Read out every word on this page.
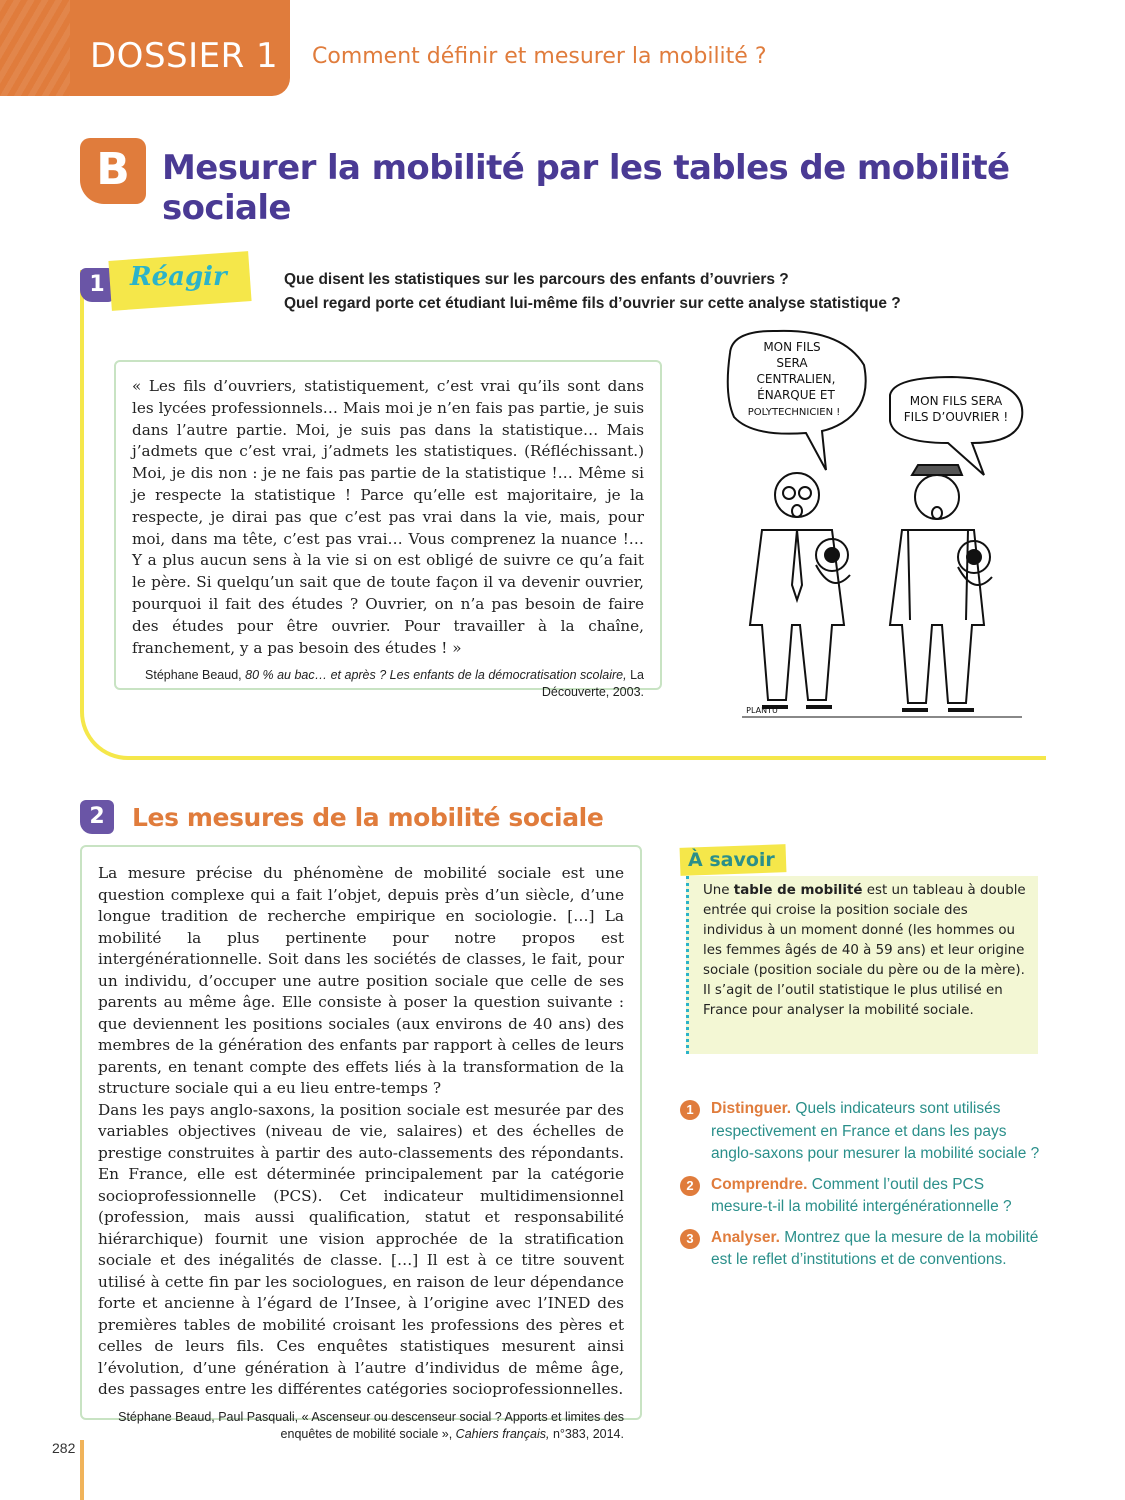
DOSSIER 1 Comment définir et mesurer la mobilité ?
B Mesurer la mobilité par les tables de mobilité sociale
1 Réagir	Que disent les statistiques sur les parcours des enfants d’ouvriers ?
Quel regard porte cet étudiant lui-même fils d’ouvrier sur cette analyse statistique ?
« Les fils d’ouvriers, statistiquement, c’est vrai qu’ils sont dans les lycées professionnels… Mais moi je n’en fais pas partie, je suis dans l’autre partie. Moi, je suis pas dans la statistique… Mais j’admets que c’est vrai, j’admets les statistiques. (Réfléchissant.) Moi, je dis non : je ne fais pas partie de la statistique !… Même si je respecte la statistique ! Parce qu’elle est majoritaire, je la respecte, je dirai pas que c’est pas vrai dans la vie, mais, pour moi, dans ma tête, c’est pas vrai… Vous comprenez la nuance !… Y a plus aucun sens à la vie si on est obligé de suivre ce qu’a fait le père. Si quelqu’un sait que de toute façon il va devenir ouvrier, pourquoi il fait des études ? Ouvrier, on n’a pas besoin de faire des études pour être ouvrier. Pour travailler à la chaîne, franchement, y a pas besoin des études ! »
Stéphane Beaud, 80 % au bac… et après ? Les enfants de la démocratisation scolaire, La Découverte, 2003.
MON FILS
SERA
CENTRALIEN,
ÉNARQUE ET
POLYTECHNICIEN !
MON FILS SERA
FILS D’OUVRIER !
PLANTU
2	Les mesures de la mobilité sociale

La mesure précise du phénomène de mobilité sociale est une question complexe qui a fait l’objet, depuis près d’un siècle, d’une longue tradition de recherche empirique en sociologie. […] La mobilité la plus pertinente pour notre propos est intergénérationnelle. Soit dans les sociétés de classes, le fait, pour un individu, d’occuper une autre position sociale que celle de ses parents au même âge. Elle consiste à poser la question suivante : que deviennent les positions sociales (aux environs de 40 ans) des membres de la génération des enfants par rapport à celles de leurs parents, en tenant compte des effets liés à la transformation de la structure sociale qui a eu lieu entre-temps ?

Dans les pays anglo-saxons, la position sociale est mesurée par des variables objectives (niveau de vie, salaires) et des échelles de prestige construites à partir des auto-classements des répondants. En France, elle est déterminée principalement par la catégorie socioprofessionnelle (PCS). Cet indicateur multidimensionnel (profession, mais aussi qualification, statut et responsabilité hiérarchique) fournit une vision approchée de la stratification sociale et des inégalités de classe. […] Il est à ce titre souvent utilisé à cette fin par les sociologues, en raison de leur dépendance forte et ancienne à l’égard de l’Insee, à l’origine avec l’INED des premières tables de mobilité croisant les professions des pères et celles de leurs fils. Ces enquêtes statistiques mesurent ainsi l’évolution, d’une génération à l’autre d’individus de même âge, des passages entre les différentes catégories socioprofessionnelles.

Stéphane Beaud, Paul Pasquali, « Ascenseur ou descenseur social ? Apports et limites des enquêtes de mobilité sociale », Cahiers français, n°383, 2014.
À savoir
Une table de mobilité est un tableau à double entrée qui croise la position sociale des individus à un moment donné (les hommes ou les femmes âgés de 40 à 59 ans) et leur origine sociale (position sociale du père ou de la mère). Il s’agit de l’outil statistique le plus utilisé en France pour analyser la mobilité sociale.
1	Distinguer. Quels indicateurs sont utilisés respectivement en France et dans les pays anglo-saxons pour mesurer la mobilité sociale ?
2	Comprendre. Comment l’outil des PCS mesure-t-il la mobilité intergénérationnelle ?
3	Analyser. Montrez que la mesure de la mobilité est le reflet d’institutions et de conventions.
282
